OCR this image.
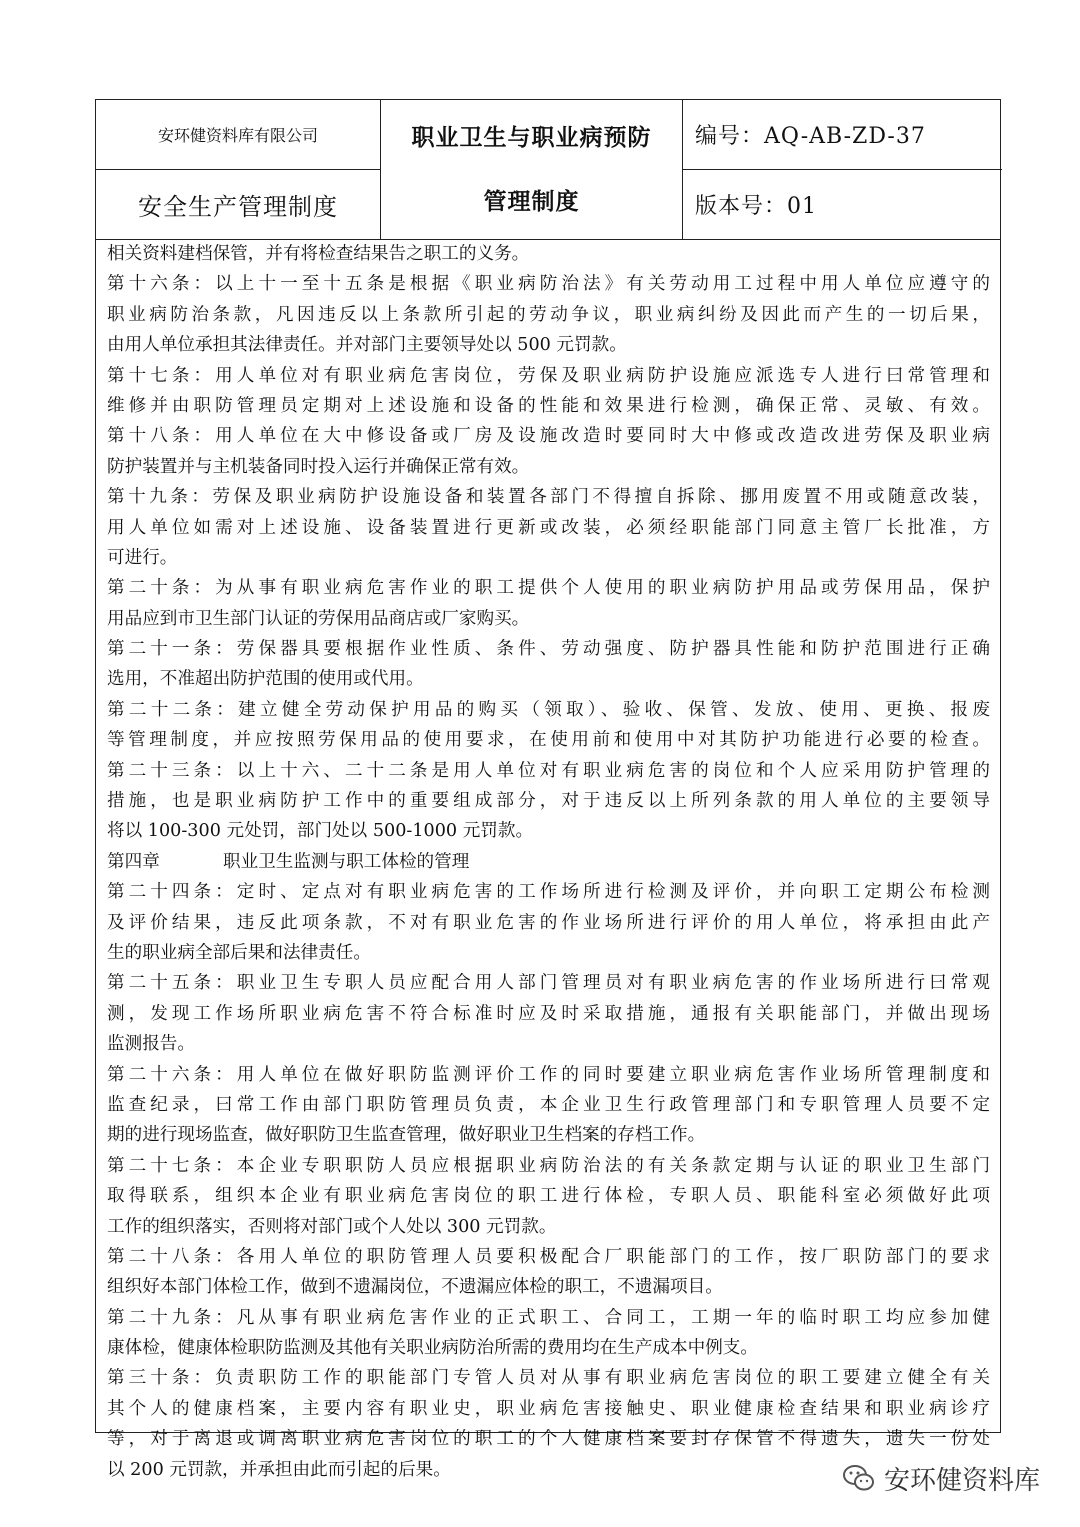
安环健资料库有限公司
安全生产管理制度
职业卫生与职业病预防
管理制度
编号：AQ-AB-ZD-37
版本号：01
相关资料建档保管，并有将检查结果告之职工的义务。
第十六条：以上十一至十五条是根据《职业病防治法》有关劳动用工过程中用人单位应遵守的
职业病防治条款，凡因违反以上条款所引起的劳动争议，职业病纠纷及因此而产生的一切后果，
由用人单位承担其法律责任。并对部门主要领导处以 500 元罚款。
第十七条：用人单位对有职业病危害岗位，劳保及职业病防护设施应派选专人进行曰常管理和
维修并由职防管理员定期对上述设施和设备的性能和效果进行检测，确保正常、灵敏、有效。
第十八条：用人单位在大中修设备或厂房及设施改造时要同时大中修或改造改进劳保及职业病
防护装置并与主机装备同时投入运行并确保正常有效。
第十九条：劳保及职业病防护设施设备和装置各部门不得擅自拆除、挪用废置不用或随意改装，
用人单位如需对上述设施、设备装置进行更新或改装，必须经职能部门同意主管厂长批准，方
可进行。
第二十条：为从事有职业病危害作业的职工提供个人使用的职业病防护用品或劳保用品，保护
用品应到市卫生部门认证的劳保用品商店或厂家购买。
第二十一条：劳保器具要根据作业性质、条件、劳动强度、防护器具性能和防护范围进行正确
选用，不准超出防护范围的使用或代用。
第二十二条：建立健全劳动保护用品的购买（领取）、验收、保管、发放、使用、更换、报废
等管理制度，并应按照劳保用品的使用要求，在使用前和使用中对其防护功能进行必要的检查。
第二十三条：以上十六、二十二条是用人单位对有职业病危害的岗位和个人应采用防护管理的
措施，也是职业病防护工作中的重要组成部分，对于违反以上所列条款的用人单位的主要领导
将以 100-300 元处罚，部门处以 500-1000 元罚款。
第四章	职业卫生监测与职工体检的管理
第二十四条：定时、定点对有职业病危害的工作场所进行检测及评价，并向职工定期公布检测
及评价结果，违反此项条款，不对有职业危害的作业场所进行评价的用人单位，将承担由此产
生的职业病全部后果和法律责任。
第二十五条：职业卫生专职人员应配合用人部门管理员对有职业病危害的作业场所进行曰常观
测，发现工作场所职业病危害不符合标准时应及时采取措施，通报有关职能部门，并做出现场
监测报告。
第二十六条：用人单位在做好职防监测评价工作的同时要建立职业病危害作业场所管理制度和
监查纪录，曰常工作由部门职防管理员负责，本企业卫生行政管理部门和专职管理人员要不定
期的进行现场监查，做好职防卫生监查管理，做好职业卫生档案的存档工作。
第二十七条：本企业专职职防人员应根据职业病防治法的有关条款定期与认证的职业卫生部门
取得联系，组织本企业有职业病危害岗位的职工进行体检，专职人员、职能科室必须做好此项
工作的组织落实，否则将对部门或个人处以 300 元罚款。
第二十八条：各用人单位的职防管理人员要积极配合厂职能部门的工作，按厂职防部门的要求
组织好本部门体检工作，做到不遗漏岗位，不遗漏应体检的职工，不遗漏项目。
第二十九条：凡从事有职业病危害作业的正式职工、合同工，工期一年的临时职工均应参加健
康体检，健康体检职防监测及其他有关职业病防治所需的费用均在生产成本中例支。
第三十条：负责职防工作的职能部门专管人员对从事有职业病危害岗位的职工要建立健全有关
其个人的健康档案，主要内容有职业史，职业病危害接触史、职业健康检查结果和职业病诊疗
等，对于离退或调离职业病危害岗位的职工的个人健康档案要封存保管不得遗失，遗失一份处
以 200 元罚款，并承担由此而引起的后果。	安环健资料库
